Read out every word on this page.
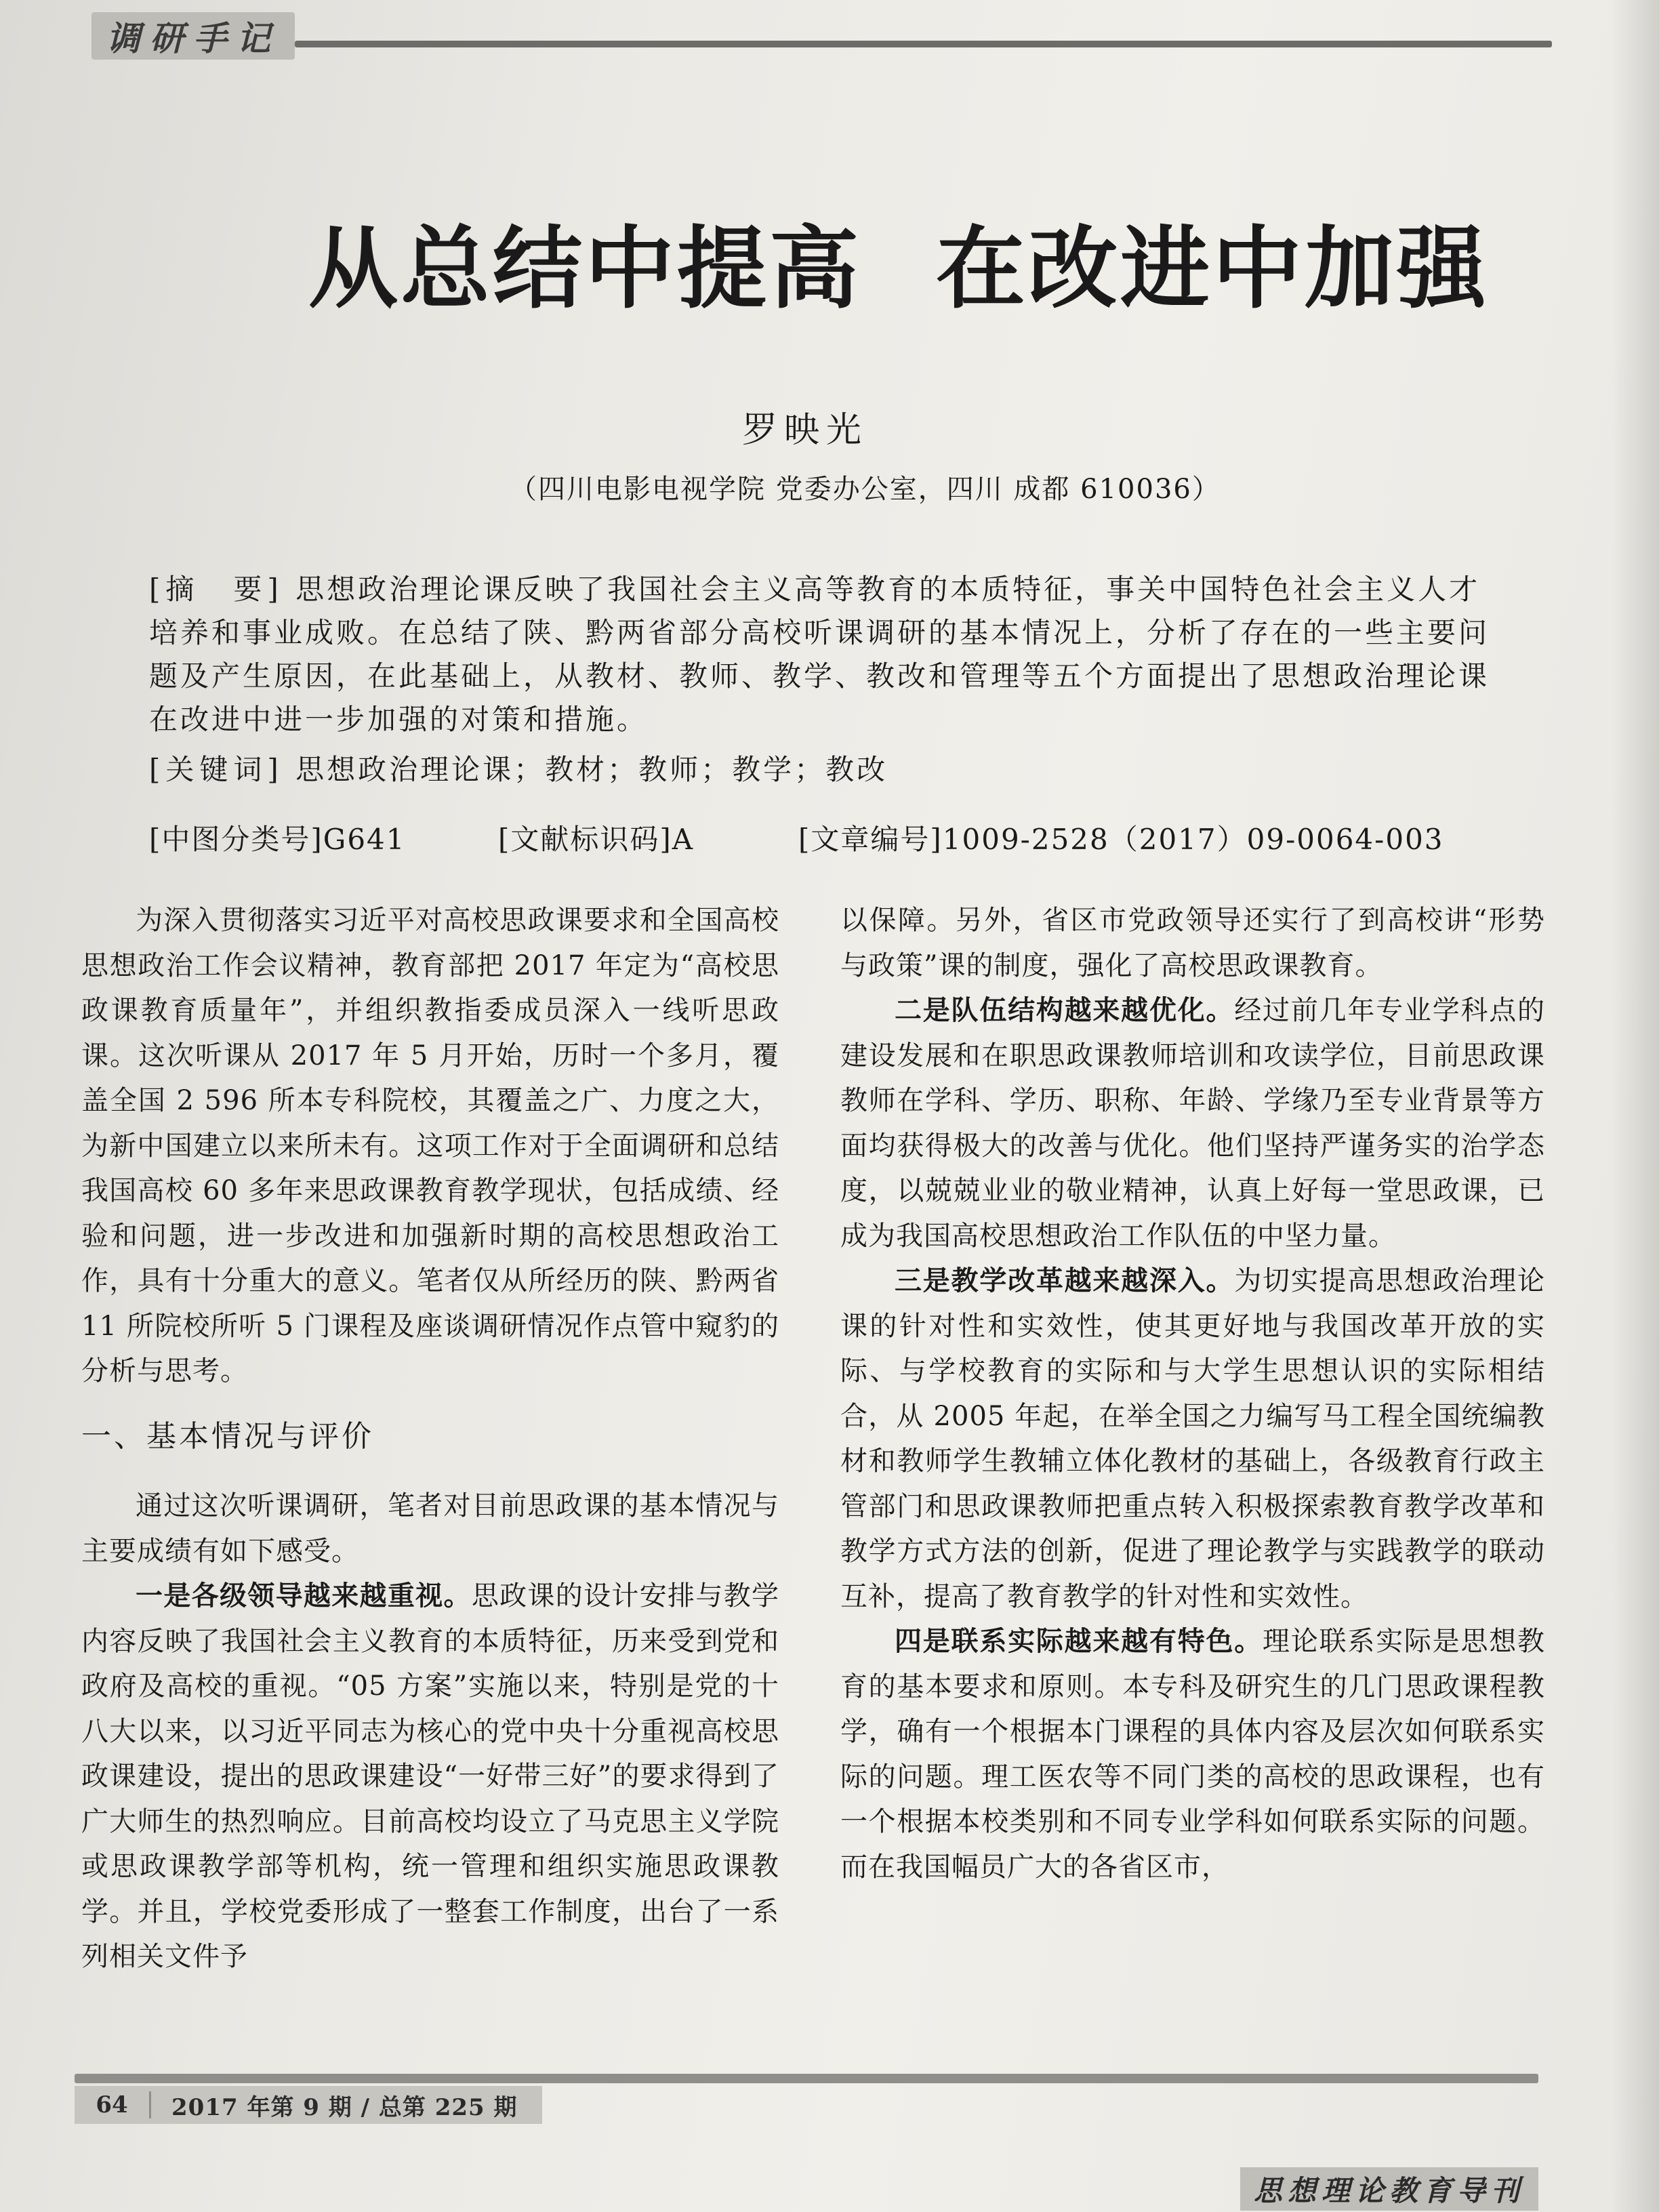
调研手记
从总结中提高 在改进中加强
罗映光
（四川电影电视学院 党委办公室，四川 成都 610036）

[摘　要] 思想政治理论课反映了我国社会主义高等教育的本质特征，事关中国特色社会主义人才培养和事业成败。在总结了陕、黔两省部分高校听课调研的基本情况上，分析了存在的一些主要问题及产生原因，在此基础上，从教材、教师、教学、教改和管理等五个方面提出了思想政治理论课在改进中进一步加强的对策和措施。

[关键词] 思想政治理论课；教材；教师；教学；教改

[中图分类号]G641	[文献标识码]A	[文章编号]1009-2528（2017）09-0064-003

为深入贯彻落实习近平对高校思政课要求和全国高校思想政治工作会议精神，教育部把 2017 年定为“高校思政课教育质量年”，并组织教指委成员深入一线听思政课。这次听课从 2017 年 5 月开始，历时一个多月，覆盖全国 2 596 所本专科院校，其覆盖之广、力度之大，为新中国建立以来所未有。这项工作对于全面调研和总结我国高校 60 多年来思政课教育教学现状，包括成绩、经验和问题，进一步改进和加强新时期的高校思想政治工作，具有十分重大的意义。笔者仅从所经历的陕、黔两省 11 所院校所听 5 门课程及座谈调研情况作点管中窥豹的分析与思考。

一、基本情况与评价

通过这次听课调研，笔者对目前思政课的基本情况与主要成绩有如下感受。

一是各级领导越来越重视。思政课的设计安排与教学内容反映了我国社会主义教育的本质特征，历来受到党和政府及高校的重视。“05 方案”实施以来，特别是党的十八大以来，以习近平同志为核心的党中央十分重视高校思政课建设，提出的思政课建设“一好带三好”的要求得到了广大师生的热烈响应。目前高校均设立了马克思主义学院或思政课教学部等机构，统一管理和组织实施思政课教学。并且，学校党委形成了一整套工作制度，出台了一系列相关文件予

以保障。另外，省区市党政领导还实行了到高校讲“形势与政策”课的制度，强化了高校思政课教育。

二是队伍结构越来越优化。经过前几年专业学科点的建设发展和在职思政课教师培训和攻读学位，目前思政课教师在学科、学历、职称、年龄、学缘乃至专业背景等方面均获得极大的改善与优化。他们坚持严谨务实的治学态度，以兢兢业业的敬业精神，认真上好每一堂思政课，已成为我国高校思想政治工作队伍的中坚力量。

三是教学改革越来越深入。为切实提高思想政治理论课的针对性和实效性，使其更好地与我国改革开放的实际、与学校教育的实际和与大学生思想认识的实际相结合，从 2005 年起，在举全国之力编写马工程全国统编教材和教师学生教辅立体化教材的基础上，各级教育行政主管部门和思政课教师把重点转入积极探索教育教学改革和教学方式方法的创新，促进了理论教学与实践教学的联动互补，提高了教育教学的针对性和实效性。

四是联系实际越来越有特色。理论联系实际是思想教育的基本要求和原则。本专科及研究生的几门思政课程教学，确有一个根据本门课程的具体内容及层次如何联系实际的问题。理工医农等不同门类的高校的思政课程，也有一个根据本校类别和不同专业学科如何联系实际的问题。而在我国幅员广大的各省区市，

64	2017 年第 9 期 / 总第 225 期
思想理论教育导刊
